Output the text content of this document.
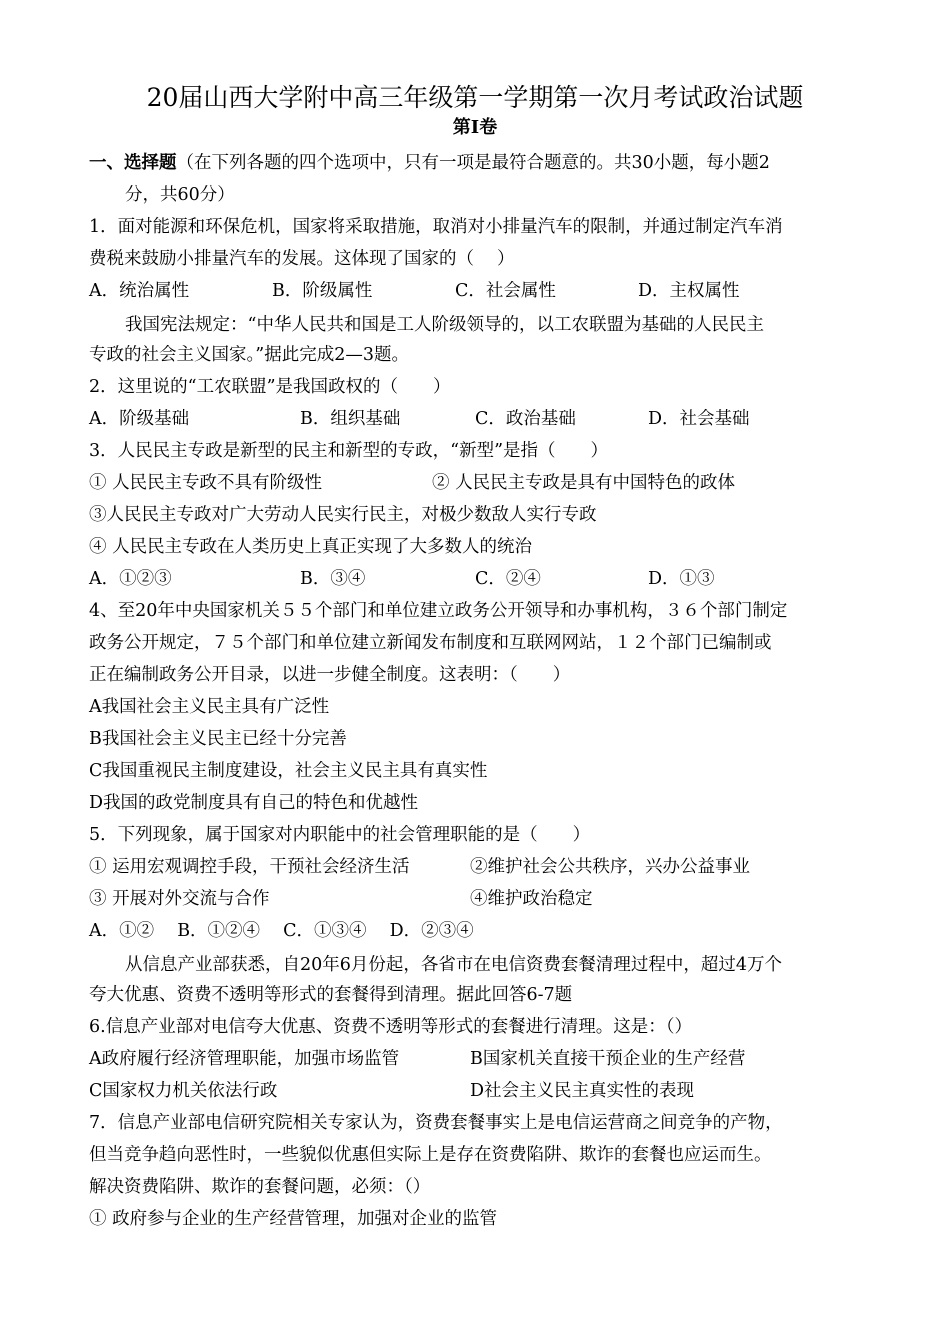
20届山西大学附中高三年级第一学期第一次月考试政治试题
第Ⅰ卷
一、选择题（在下列各题的四个选项中，只有一项是最符合题意的。共30小题，每小题2
分，共60分）
1．面对能源和环保危机，国家将采取措施，取消对小排量汽车的限制，并通过制定汽车消
费税来鼓励小排量汽车的发展。这体现了国家的（　 ）
A．统治属性	B．阶级属性	C．社会属性	D．主权属性
我国宪法规定：“中华人民共和国是工人阶级领导的，以工农联盟为基础的人民民主
专政的社会主义国家。”据此完成2—3题。
2．这里说的“工农联盟”是我国政权的（　　）
A．阶级基础	B．组织基础	C．政治基础	D．社会基础
3．人民民主专政是新型的民主和新型的专政，“新型”是指（　　）
① 人民民主专政不具有阶级性	② 人民民主专政是具有中国特色的政体
③人民民主专政对广大劳动人民实行民主，对极少数敌人实行专政
④ 人民民主专政在人类历史上真正实现了大多数人的统治
A．①②③	B．③④	C．②④	D．①③
4、至20年中央国家机关５５个部门和单位建立政务公开领导和办事机构，３６个部门制定
政务公开规定，７５个部门和单位建立新闻发布制度和互联网网站，１２个部门已编制或
正在编制政务公开目录，以进一步健全制度。这表明：（　　）
A我国社会主义民主具有广泛性
B我国社会主义民主已经十分完善
C我国重视民主制度建设，社会主义民主具有真实性
D我国的政党制度具有自己的特色和优越性
5．下列现象，属于国家对内职能中的社会管理职能的是（　　）
① 运用宏观调控手段，干预社会经济生活	②维护社会公共秩序，兴办公益事业
③ 开展对外交流与合作	④维护政治稳定
A．①②　 B．①②④　 C．①③④　 D．②③④
从信息产业部获悉，自20年6月份起，各省市在电信资费套餐清理过程中，超过4万个
夸大优惠、资费不透明等形式的套餐得到清理。据此回答6-7题
6.信息产业部对电信夸大优惠、资费不透明等形式的套餐进行清理。这是：（）
A政府履行经济管理职能，加强市场监管	B国家机关直接干预企业的生产经营
C国家权力机关依法行政	D社会主义民主真实性的表现
7．信息产业部电信研究院相关专家认为，资费套餐事实上是电信运营商之间竞争的产物，
但当竞争趋向恶性时，一些貌似优惠但实际上是存在资费陷阱、欺诈的套餐也应运而生。
解决资费陷阱、欺诈的套餐问题，必须：（）
① 政府参与企业的生产经营管理，加强对企业的监管
